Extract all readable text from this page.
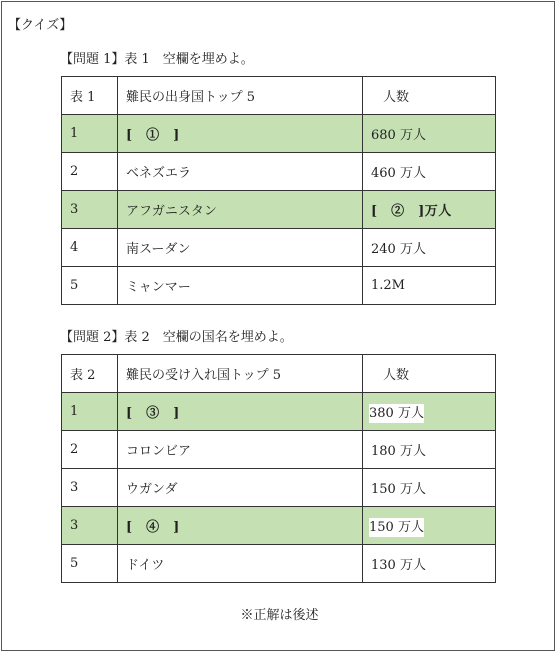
【クイズ】
【問題 1】表 1　空欄を埋めよ。
表 1	難民の出身国トップ 5	人数
1	[　①　]	680 万人
2	ベネズエラ	460 万人
3	アフガニスタン	[　②　]万人
4	南スーダン	240 万人
5	ミャンマー	1.2M
【問題 2】表 2　空欄の国名を埋めよ。
表 2	難民の受け入れ国トップ 5	人数
1	[　③　]	380 万人
2	コロンビア	180 万人
3	ウガンダ	150 万人
3	[　④　]	150 万人
5	ドイツ	130 万人
※正解は後述
